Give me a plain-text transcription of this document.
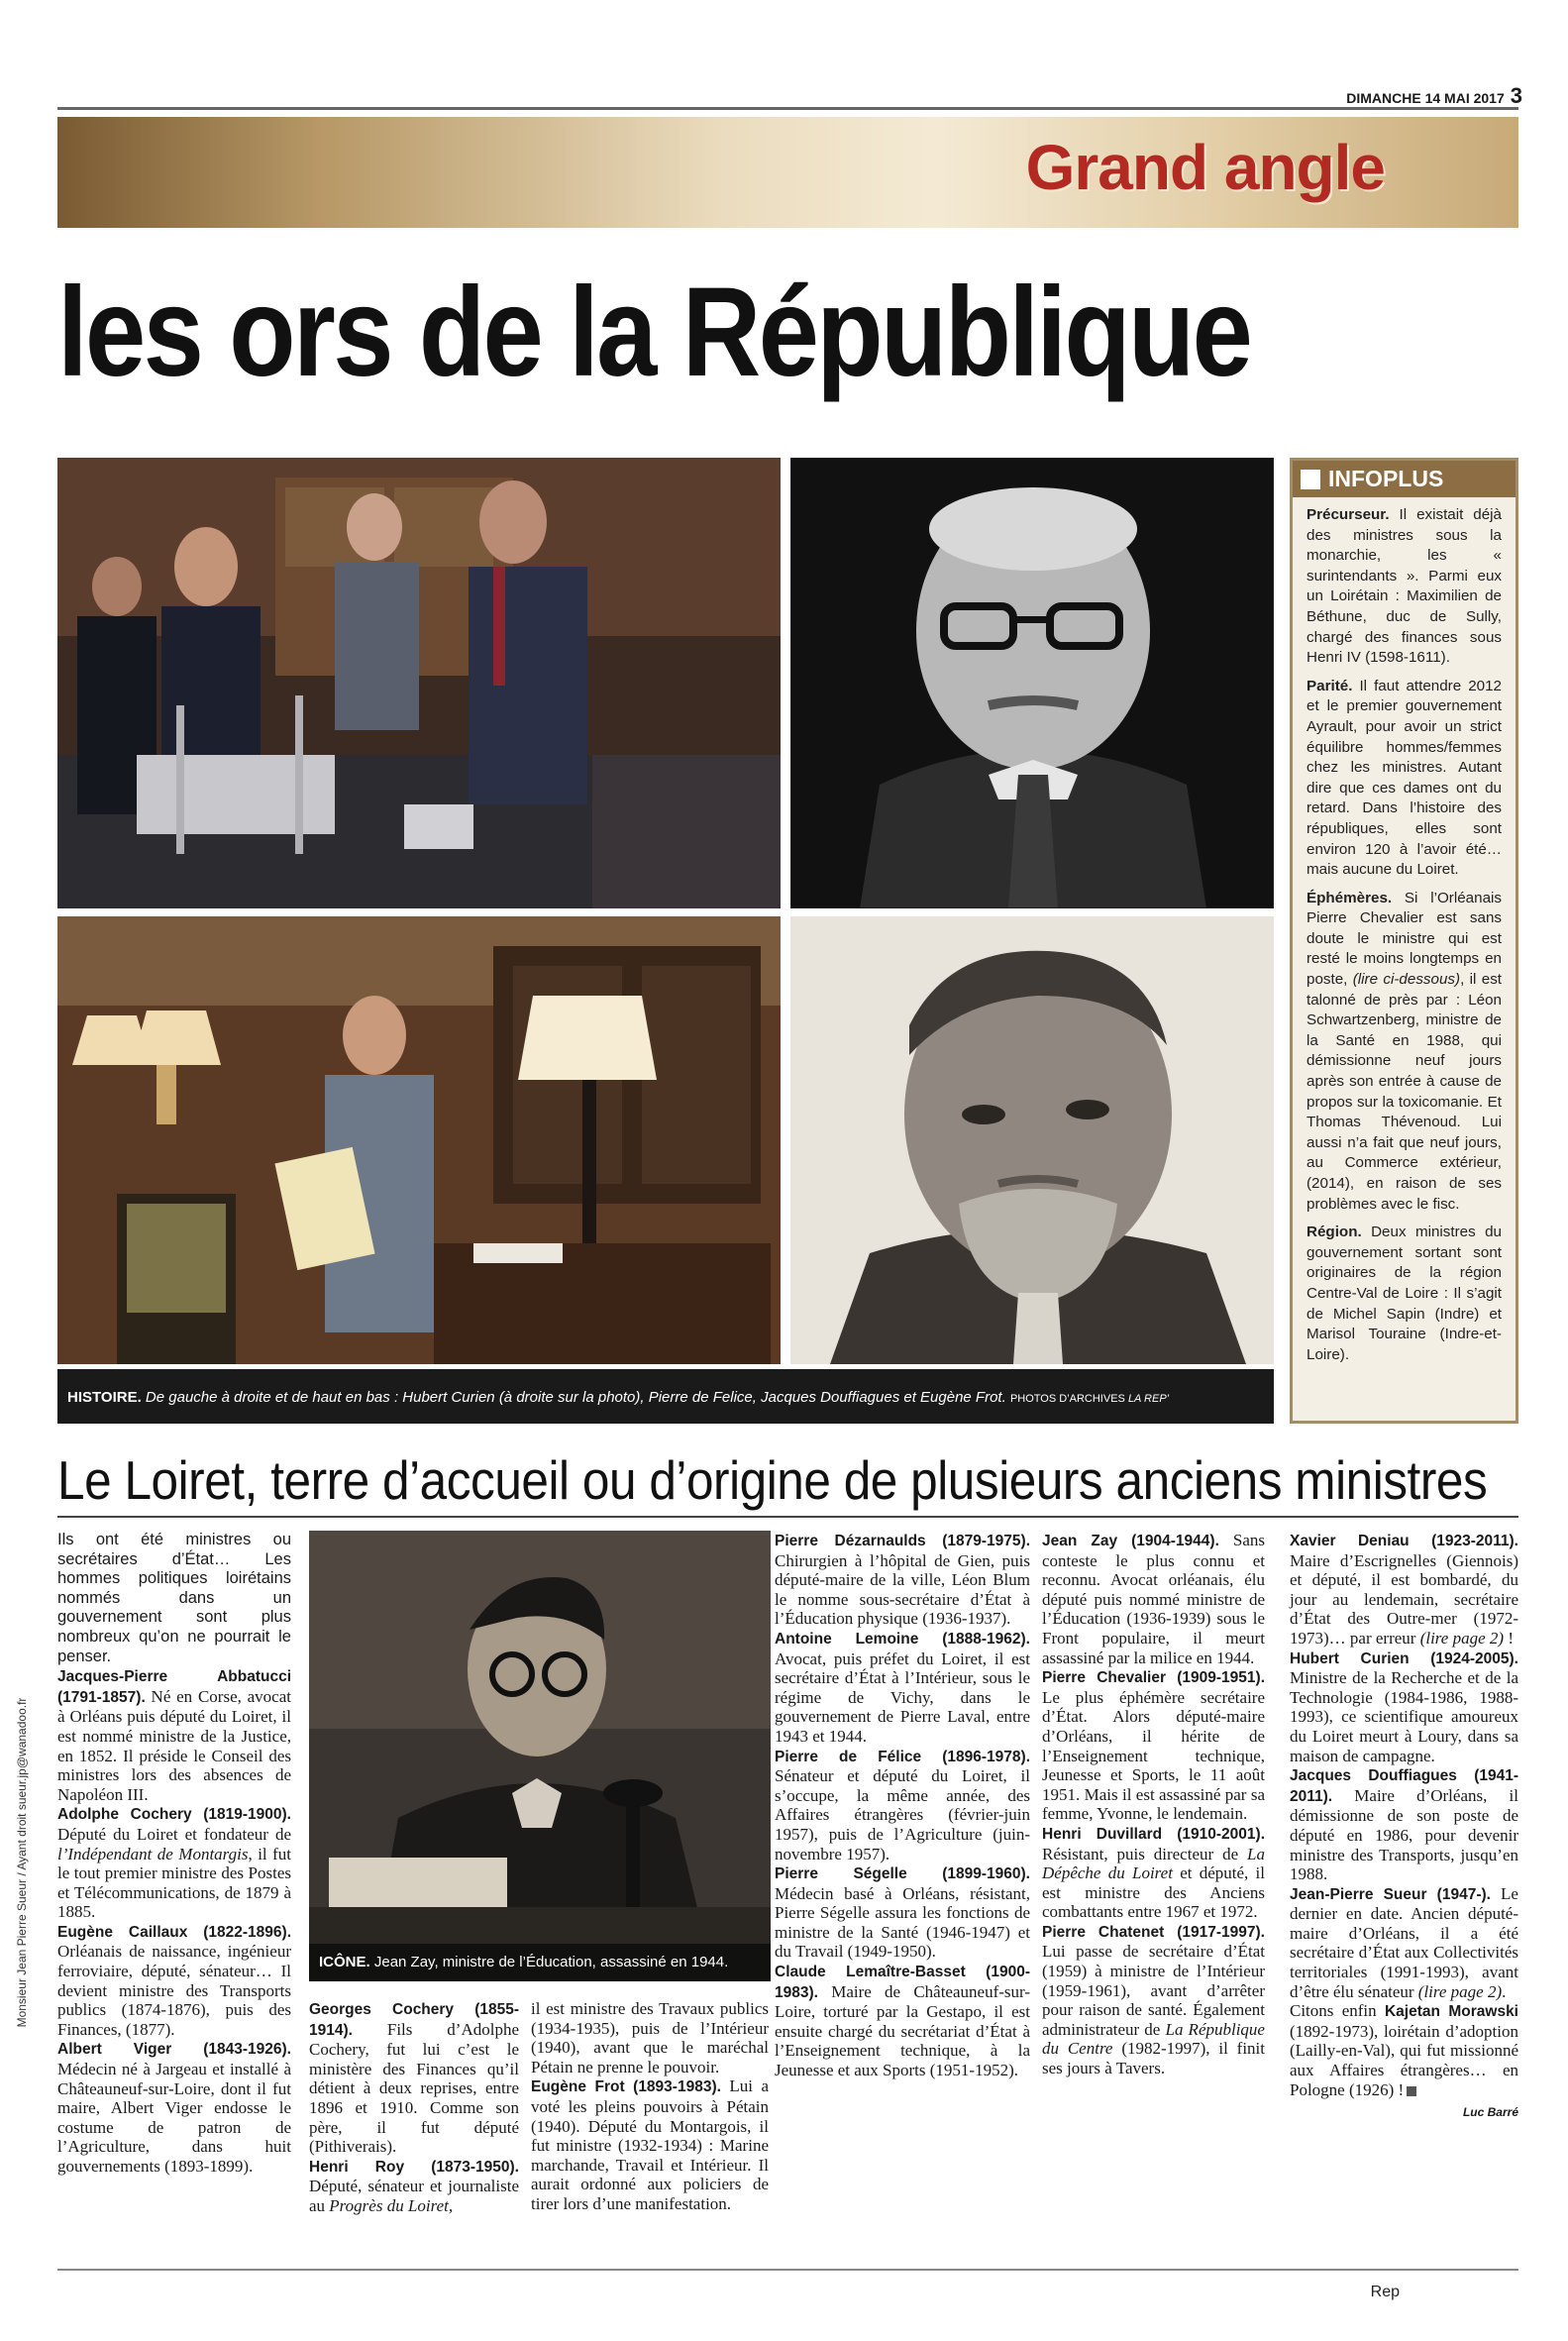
DIMANCHE 14 MAI 2017 3
Grand angle
les ors de la République
HISTOIRE. De gauche à droite et de haut en bas : Hubert Curien (à droite sur la photo), Pierre de Felice, Jacques Douffiagues et Eugène Frot. PHOTOS D’ARCHIVES LA REP’
INFOPLUS

Précurseur. Il existait déjà des ministres sous la monarchie, les « surintendants ». Parmi eux un Loirétain : Maximilien de Béthune, duc de Sully, chargé des finances sous Henri IV (1598-1611).

Parité. Il faut attendre 2012 et le premier gouvernement Ayrault, pour avoir un strict équilibre hommes/femmes chez les ministres. Autant dire que ces dames ont du retard. Dans l’histoire des républiques, elles sont environ 120 à l’avoir été… mais aucune du Loiret.

Éphémères. Si l’Orléanais Pierre Chevalier est sans doute le ministre qui est resté le moins longtemps en poste, (lire ci-dessous), il est talonné de près par : Léon Schwartzenberg, ministre de la Santé en 1988, qui démissionne neuf jours après son entrée à cause de propos sur la toxicomanie. Et Thomas Thévenoud. Lui aussi n’a fait que neuf jours, au Commerce extérieur, (2014), en raison de ses problèmes avec le fisc.

Région. Deux ministres du gouvernement sortant sont originaires de la région Centre-Val de Loire : Il s’agit de Michel Sapin (Indre) et Marisol Touraine (Indre-et-Loire).

Monsieur Jean Pierre Sueur / Ayant droit sueur.jp@wanadoo.fr
Le Loiret, terre d’accueil ou d’origine de plusieurs anciens ministres

Ils ont été ministres ou secrétaires d’État… Les hommes politiques loirétains nommés dans un gouvernement sont plus nombreux qu’on ne pourrait le penser.

Jacques-Pierre Abbatucci (1791-1857). Né en Corse, avocat à Orléans puis député du Loiret, il est nommé ministre de la Justice, en 1852. Il préside le Conseil des ministres lors des absences de Napoléon III.

Adolphe Cochery (1819-1900). Député du Loiret et fondateur de l’Indépendant de Montargis, il fut le tout premier ministre des Postes et Télécommunications, de 1879 à 1885.

Eugène Caillaux (1822-1896). Orléanais de naissance, ingénieur ferroviaire, député, sénateur… Il devient ministre des Transports publics (1874-1876), puis des Finances, (1877).

Albert Viger (1843-1926). Médecin né à Jargeau et installé à Châteauneuf-sur-Loire, dont il fut maire, Albert Viger endosse le costume de patron de l’Agriculture, dans huit gouvernements (1893-1899).

ICÔNE. Jean Zay, ministre de l’Éducation, assassiné en 1944.

Georges Cochery (1855-1914). Fils d’Adolphe Cochery, fut lui c’est le ministère des Finances qu’il détient à deux reprises, entre 1896 et 1910. Comme son père, il fut député (Pithiverais).

Henri Roy (1873-1950). Député, sénateur et journaliste au Progrès du Loiret,

il est ministre des Travaux publics (1934-1935), puis de l’Intérieur (1940), avant que le maréchal Pétain ne prenne le pouvoir.

Eugène Frot (1893-1983). Lui a voté les pleins pouvoirs à Pétain (1940). Député du Montargois, il fut ministre (1932-1934) : Marine marchande, Travail et Intérieur. Il aurait ordonné aux policiers de tirer lors d’une manifestation.

Pierre Dézarnaulds (1879-1975). Chirurgien à l’hôpital de Gien, puis député-maire de la ville, Léon Blum le nomme sous-secrétaire d’État à l’Éducation physique (1936-1937).

Antoine Lemoine (1888-1962). Avocat, puis préfet du Loiret, il est secrétaire d’État à l’Intérieur, sous le régime de Vichy, dans le gouvernement de Pierre Laval, entre 1943 et 1944.

Pierre de Félice (1896-1978). Sénateur et député du Loiret, il s’occupe, la même année, des Affaires étrangères (février-juin 1957), puis de l’Agriculture (juin-novembre 1957).

Pierre Ségelle (1899-1960). Médecin basé à Orléans, résistant, Pierre Ségelle assura les fonctions de ministre de la Santé (1946-1947) et du Travail (1949-1950).

Claude Lemaître-Basset (1900-1983). Maire de Châteauneuf-sur-Loire, torturé par la Gestapo, il est ensuite chargé du secrétariat d’État à l’Enseignement technique, à la Jeunesse et aux Sports (1951-1952).

Jean Zay (1904-1944). Sans conteste le plus connu et reconnu. Avocat orléanais, élu député puis nommé ministre de l’Éducation (1936-1939) sous le Front populaire, il meurt assassiné par la milice en 1944.

Pierre Chevalier (1909-1951). Le plus éphémère secrétaire d’État. Alors député-maire d’Orléans, il hérite de l’Enseignement technique, Jeunesse et Sports, le 11 août 1951. Mais il est assassiné par sa femme, Yvonne, le lendemain.

Henri Duvillard (1910-2001). Résistant, puis directeur de La Dépêche du Loiret et député, il est ministre des Anciens combattants entre 1967 et 1972.

Pierre Chatenet (1917-1997). Lui passe de secrétaire d’État (1959) à ministre de l’Intérieur (1959-1961), avant d’arrêter pour raison de santé. Également administrateur de La République du Centre (1982-1997), il finit ses jours à Tavers.

Xavier Deniau (1923-2011). Maire d’Escrignelles (Giennois) et député, il est bombardé, du jour au lendemain, secrétaire d’État des Outre-mer (1972-1973)… par erreur (lire page 2) !

Hubert Curien (1924-2005). Ministre de la Recherche et de la Technologie (1984-1986, 1988-1993), ce scientifique amoureux du Loiret meurt à Loury, dans sa maison de campagne.

Jacques Douffiagues (1941-2011). Maire d’Orléans, il démissionne de son poste de député en 1986, pour devenir ministre des Transports, jusqu’en 1988.

Jean-Pierre Sueur (1947-). Le dernier en date. Ancien député-maire d’Orléans, il a été secrétaire d’État aux Collectivités territoriales (1991-1993), avant d’être élu sénateur (lire page 2).

Citons enfin Kajetan Morawski (1892-1973), loirétain d’adoption (Lailly-en-Val), qui fut missionné aux Affaires étrangères… en Pologne (1926) !

Luc Barré
Rep
